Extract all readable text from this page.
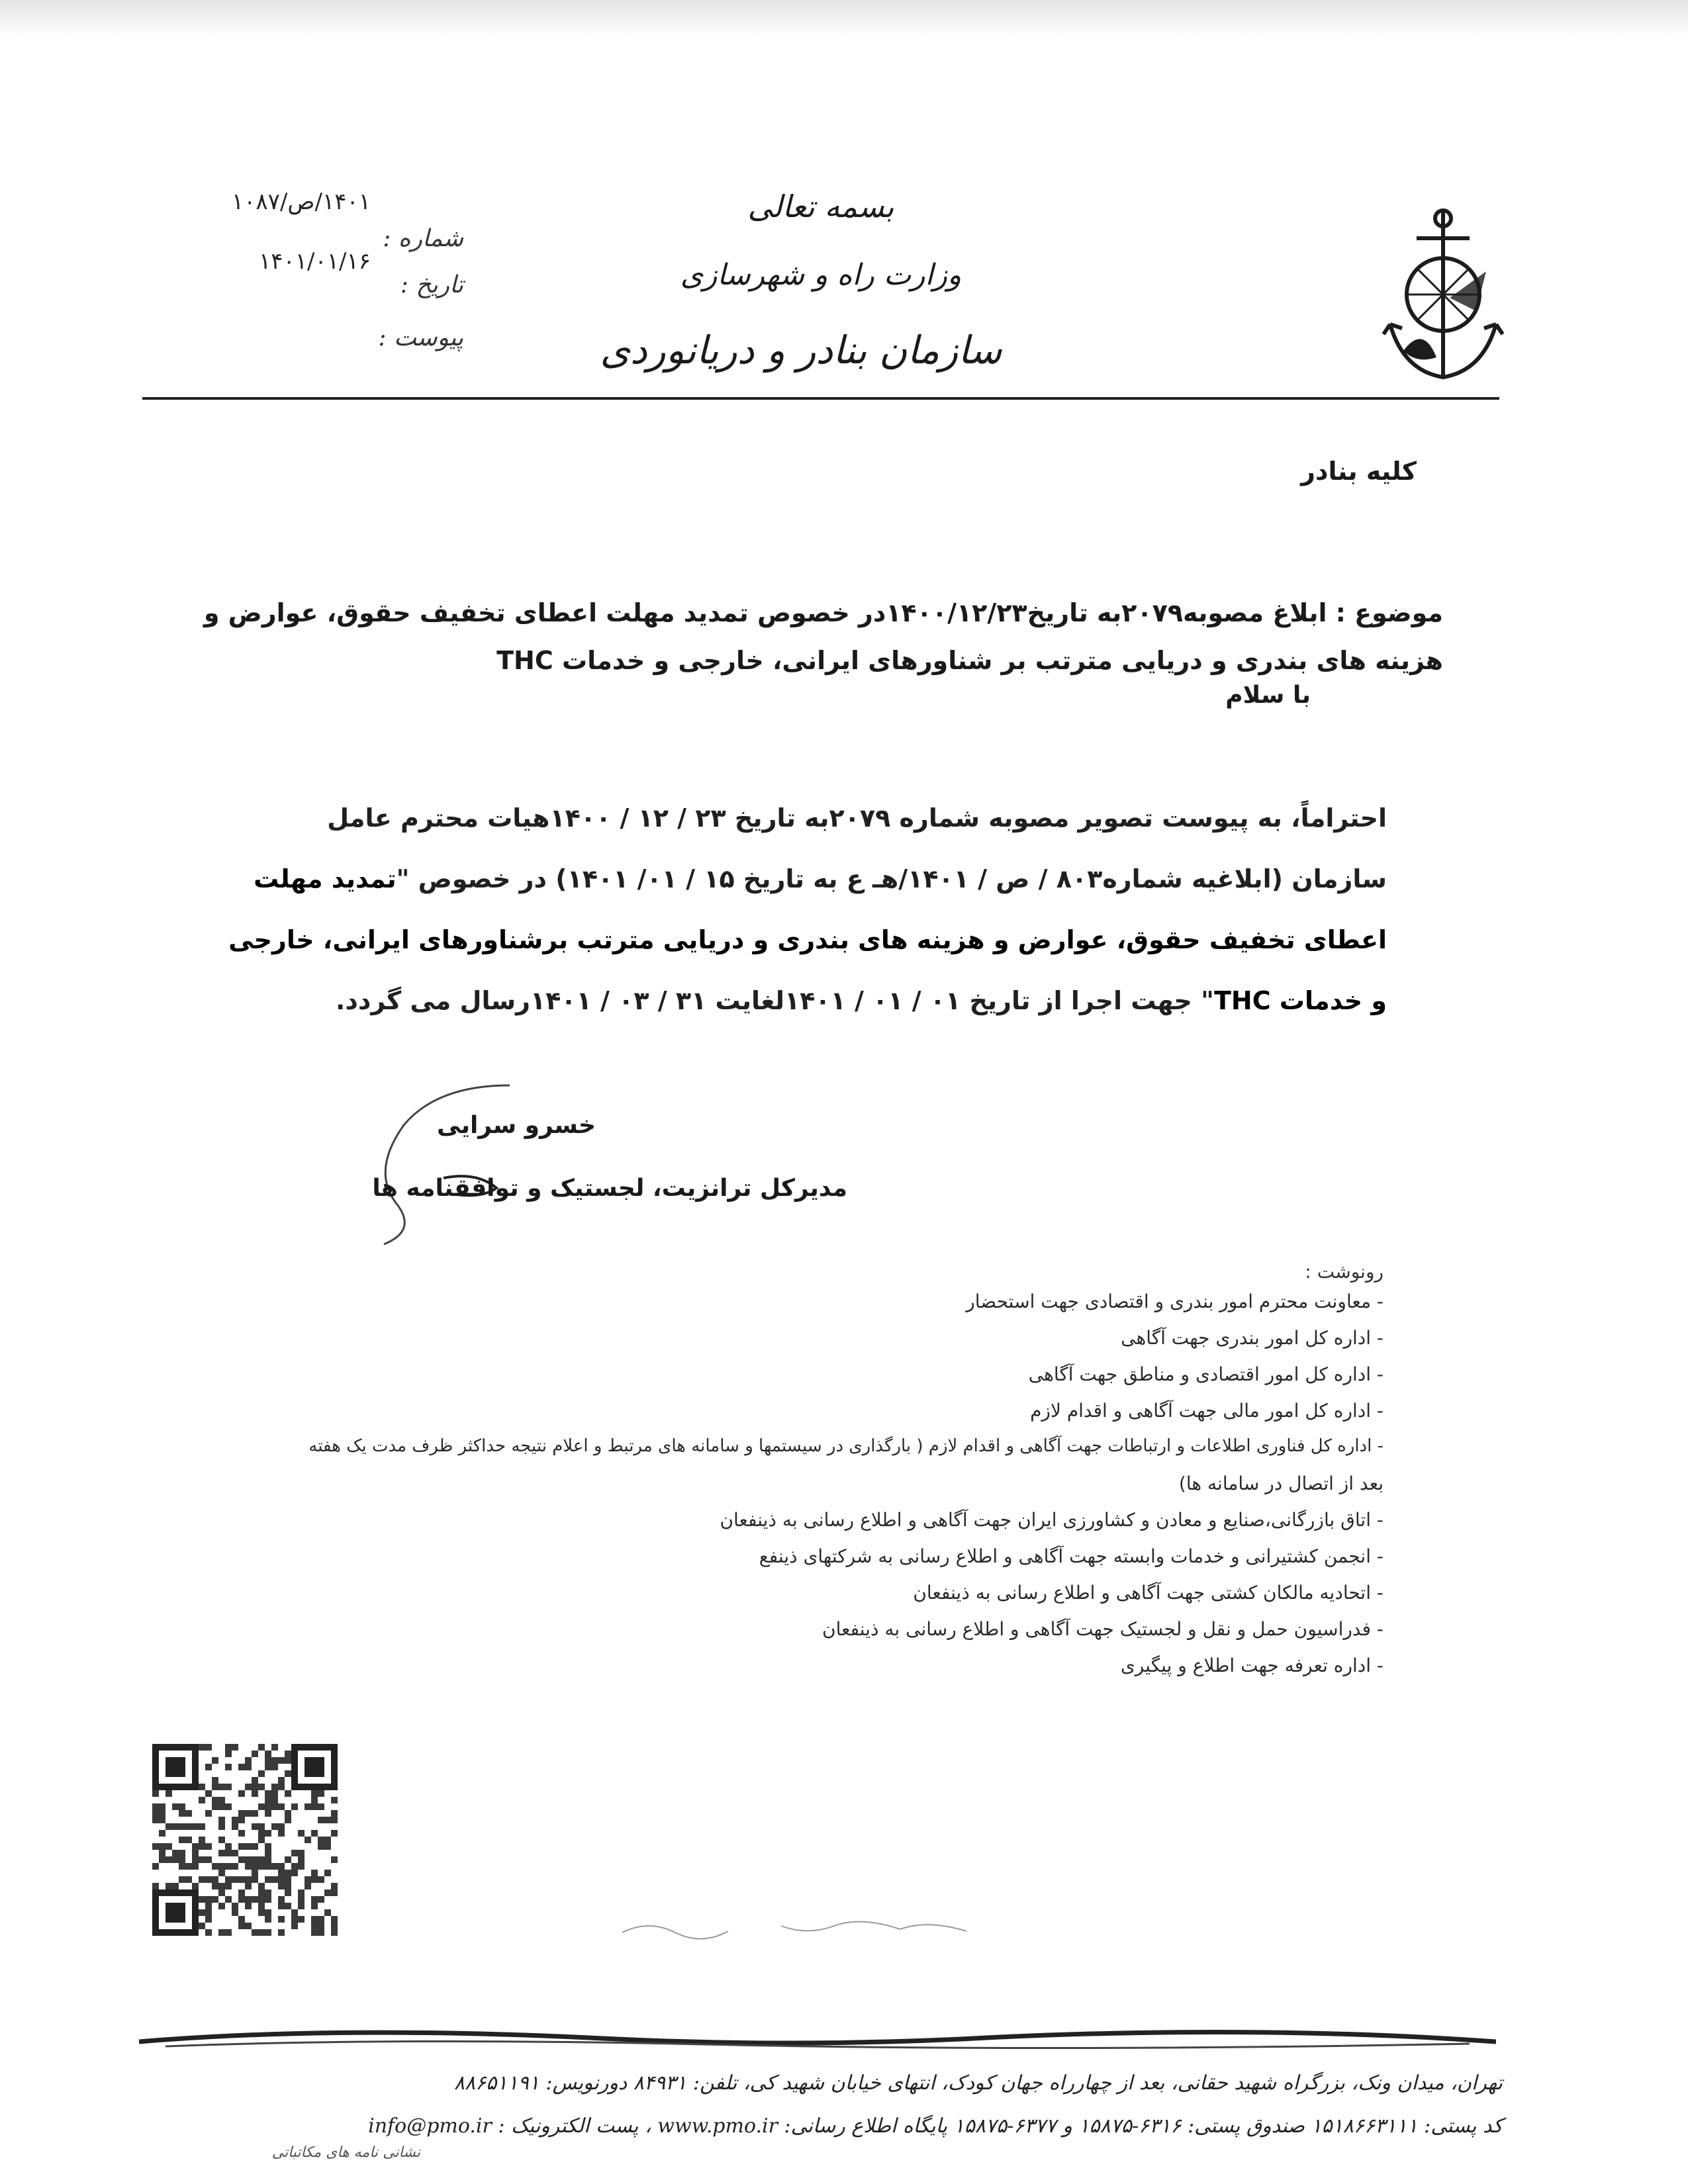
بسمه تعالی
وزارت راه و شهرسازی
سازمان بنادر و دریانوردی
شماره :
تاریخ :
پیوست :
۱۴۰۱/ص/۱۰۸۷
۱۴۰۱/۰۱/۱۶
کلیه بنادر
موضوع : ابلاغ مصوبه۲۰۷۹به تاریخ۱۴۰۰/۱۲/۲۳در خصوص تمدید مهلت اعطای تخفیف حقوق، عوارض و هزینه های بندری و دریایی مترتب بر شناورهای ایرانی، خارجی و خدمات THC
با سلام
احتراماً، به پیوست تصویر مصوبه شماره ۲۰۷۹به تاریخ ۲۳ / ۱۲ / ۱۴۰۰هیات محترم عامل سازمان (ابلاغیه شماره۸۰۳ / ص / ۱۴۰۱/هـ ع به تاریخ ۱۵ / ۰۱/ ۱۴۰۱) در خصوص "تمدید مهلت اعطای تخفیف حقوق، عوارض و هزینه های بندری و دریایی مترتب برشناورهای ایرانی، خارجی و خدمات THC" جهت اجرا از تاریخ ۰۱ / ۰۱ / ۱۴۰۱لغایت ۳۱ / ۰۳ / ۱۴۰۱رسال می گردد.
خسرو سرایی
مدیرکل ترانزیت، لجستیک و توافقنامه ها
رونوشت :
- معاونت محترم امور بندری و اقتصادی جهت استحضار
- اداره کل امور بندری جهت آگاهی
- اداره کل امور اقتصادی و مناطق جهت آگاهی
- اداره کل امور مالی جهت آگاهی و اقدام لازم
- اداره کل فناوری اطلاعات و ارتباطات جهت آگاهی و اقدام لازم ( بارگذاری در سیستمها و سامانه های مرتبط و اعلام نتیجه حداکثر ظرف مدت یک هفته
بعد از اتصال در سامانه ها)
- اتاق بازرگانی،صنایع و معادن و کشاورزی ایران جهت آگاهی و اطلاع رسانی به ذینفعان
- انجمن کشتیرانی و خدمات وابسته جهت آگاهی و اطلاع رسانی به شرکتهای ذینفع
- اتحادیه مالکان کشتی جهت آگاهی و اطلاع رسانی به ذینفعان
- فدراسیون حمل و نقل و لجستیک جهت آگاهی و اطلاع رسانی به ذینفعان
- اداره تعرفه جهت اطلاع و پیگیری
تهران، میدان ونک، بزرگراه شهید حقانی، بعد از چهارراه جهان کودک، انتهای خیابان شهید کی، تلفن: ۸۴۹۳۱ دورنویس: ۸۸۶۵۱۱۹۱
کد پستی: ۱۵۱۸۶۶۳۱۱۱ صندوق پستی: ۶۳۱۶-۱۵۸۷۵ و ۶۳۷۷-۱۵۸۷۵ پایگاه اطلاع رسانی: www.pmo.ir ، پست الکترونیک : info@pmo.ir
نشانی نامه های مکاتباتی
